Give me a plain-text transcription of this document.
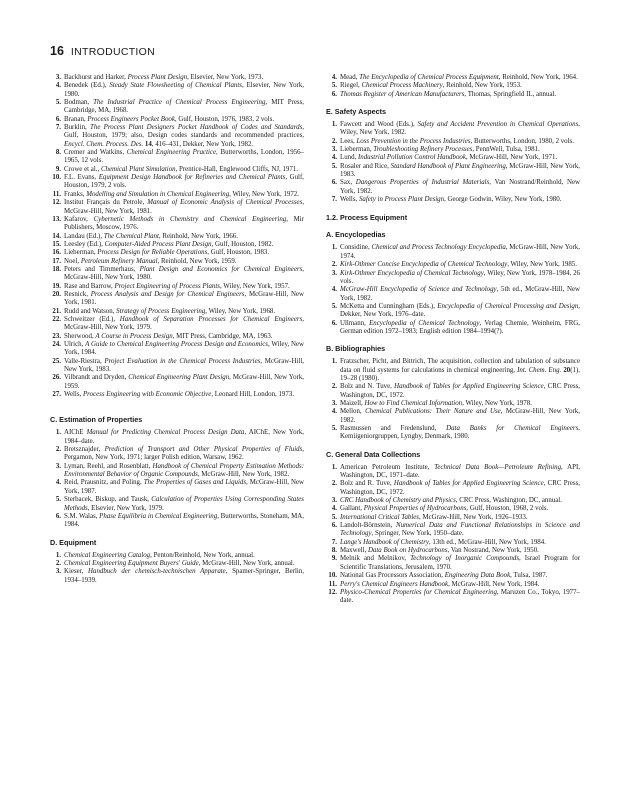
16 INTRODUCTION
3. Backhurst and Harker, Process Plant Design, Elsevier, New York, 1973.
4. Benedek (Ed.), Steady State Flowsheeting of Chemical Plants, Elsevier, New York, 1980.
5. Bodman, The Industrial Practice of Chemical Process Engineering, MIT Press, Cambridge, MA, 1968.
6. Branan, Process Engineers Pocket Book, Gulf, Houston, 1976, 1983, 2 vols.
7. Burklin, The Process Plant Designers Pocket Handbook of Codes and Standards, Gulf, Houston, 1979; also, Design codes standards and recommended practices, Encycl. Chem. Process. Des. 14, 416–431, Dekker, New York, 1982.
8. Cremer and Watkins, Chemical Engineering Practice, Butterworths, London, 1956–1965, 12 vols.
9. Crowe et al., Chemical Plant Simulation, Prentice-Hall, Englewood Cliffs, NJ, 1971.
10. F.L. Evans, Equipment Design Handbook for Refineries and Chemical Plants, Gulf, Houston, 1979, 2 vols.
11. Franks, Modelling and Simulation in Chemical Engineering, Wiley, New York, 1972.
12. Institut Français du Petrole, Manual of Economic Analysis of Chemical Processes, McGraw-Hill, New York, 1981.
13. Kafarov, Cybernetic Methods in Chemistry and Chemical Engineering, Mir Publishers, Moscow, 1976.
14. Landau (Ed.), The Chemical Plant, Reinhold, New York, 1966.
15. Leesley (Ed.), Computer-Aided Process Plant Design, Gulf, Houston, 1982.
16. Lieberman, Process Design for Reliable Operations, Gulf, Houston, 1983.
17. Noel, Petroleum Refinery Manual, Reinhold, New York, 1959.
18. Peters and Timmerhaus, Plant Design and Economics for Chemical Engineers, McGraw-Hill, New York, 1980.
19. Rase and Barrow, Project Engineering of Process Plants, Wiley, New York, 1957.
20. Resnick, Process Analysis and Design for Chemical Engineers, McGraw-Hill, New York, 1981.
21. Rudd and Watson, Strategy of Process Engineering, Wiley, New York, 1968.
22. Schweitzer (Ed.), Handbook of Separation Processes for Chemical Engineers, McGraw-Hill, New York, 1979.
23. Sherwood, A Course in Process Design, MIT Press, Cambridge, MA, 1963.
24. Ulrich, A Guide to Chemical Engineering Process Design and Economics, Wiley, New York, 1984.
25. Valle-Riestra, Project Evaluation in the Chemical Process Industries, McGraw-Hill, New York, 1983.
26. Vilbrandt and Dryden, Chemical Engineering Plant Design, McGraw-Hill, New York, 1959.
27. Wells, Process Engineering with Economic Objective, Leonard Hill, London, 1973.
C. Estimation of Properties
1. AIChE Manual for Predicting Chemical Process Design Data, AIChE, New York, 1984–date.
2. Bretsznajder, Prediction of Transport and Other Physical Properties of Fluids, Pergamon, New York, 1971; larger Polish edition, Warsaw, 1962.
3. Lyman, Reehl, and Rosenblatt, Handbook of Chemical Property Estimation Methods: Environmental Behavior of Organic Compounds, McGraw-Hill, New York, 1982.
4. Reid, Prausnitz, and Poling, The Properties of Gases and Liquids, McGraw-Hill, New York, 1987.
5. Sterbacek, Biskup, and Tausk, Calculation of Properties Using Corresponding States Methods, Elsevier, New York, 1979.
6. S.M. Walas, Phase Equilibria in Chemical Engineering, Butterworths, Stoneham, MA, 1984.
D. Equipment
1. Chemical Engineering Catalog, Penton/Reinhold, New York, annual.
2. Chemical Engineering Equipment Buyers' Guide, McGraw-Hill, New York, annual.
3. Kieser, Handbuch der chemisch-technischen Apparate, Spamer-Springer, Berlin, 1934–1939.
4. Mead, The Encyclopedia of Chemical Process Equipment, Reinhold, New York, 1964.
5. Riegel, Chemical Process Machinery, Reinhold, New York, 1953.
6. Thomas Register of American Manufacturers, Thomas, Springfield IL, annual.
E. Safety Aspects
1. Fawcett and Wood (Eds.), Safety and Accident Prevention in Chemical Operations, Wiley, New York, 1982.
2. Lees, Loss Prevention in the Process Industries, Butterworths, London, 1980, 2 vols.
3. Lieberman, Troubleshooting Refinery Processes, PennWell, Tulsa, 1981.
4. Lund, Industrial Pollution Control Handbook, McGraw-Hill, New York, 1971.
5. Rosaler and Rice, Standard Handbook of Plant Engineering, McGraw-Hill, New York, 1983.
6. Sax, Dangerous Properties of Industrial Materials, Van Nostrand/Reinhold, New York, 1982.
7. Wells, Safety in Process Plant Design, George Godwin, Wiley, New York, 1980.
1.2. Process Equipment
A. Encyclopedias
1. Considine, Chemical and Process Technology Encyclopedia, McGraw-Hill, New York, 1974.
2. Kirk-Othmer Concise Encyclopedia of Chemical Technology, Wiley, New York, 1985.
3. Kirk-Othmer Encyclopedia of Chemical Technology, Wiley, New York, 1978–1984, 26 vols.
4. McGraw-Hill Encyclopedia of Science and Technology, 5th ed., McGraw-Hill, New York, 1982.
5. McKetta and Cunningham (Eds.), Encyclopedia of Chemical Processing and Design, Dekker, New York, 1976–date.
6. Ullmann, Encyclopedia of Chemical Technology, Verlag Chemie, Weinheim, FRG, German edition 1972–1983; English edition 1984–1994(?).
B. Bibliographies
1. Fratzscher, Picht, and Bittrich, The acquisition, collection and tabulation of substance data on fluid systems for calculations in chemical engineering, Int. Chem. Eng. 20(1), 19–28 (1980).
2. Bolz and N. Tuve, Handbook of Tables for Applied Engineering Science, CRC Press, Washington, DC, 1972.
3. Maizell, How to Find Chemical Information, Wiley, New York, 1978.
4. Mellon, Chemical Publications: Their Nature and Use, McGraw-Hill, New York, 1982.
5. Rasmussen and Fredenslund, Data Banks for Chemical Engineers, Kemiigeniorgruppen, Lyngby, Denmark, 1980.
C. General Data Collections
1. American Petroleum Institute, Technical Data Book—Petroleum Refining, API, Washington, DC, 1971–date.
2. Bolz and R. Tuve, Handbook of Tables for Applied Engineering Science, CRC Press, Washington, DC, 1972.
3. CRC Handbook of Chemistry and Physics, CRC Press, Washington, DC, annual.
4. Gallant, Physical Properties of Hydrocarbons, Gulf, Houston, 1968, 2 vols.
5. International Critical Tables, McGraw-Hill, New York, 1926–1933.
6. Landolt-Börnstein, Numerical Data and Functional Relationships in Science and Technology, Springer, New York, 1950–date.
7. Lange's Handbook of Chemistry, 13th ed., McGraw-Hill, New York, 1984.
8. Maxwell, Data Book on Hydrocarbons, Van Nostrand, New York, 1950.
9. Melnik and Melnikov, Technology of Inorganic Compounds, Israel Program for Scientific Translations, Jerusalem, 1970.
10. National Gas Processors Association, Engineering Data Book, Tulsa, 1987.
11. Perry's Chemical Engineers Handbook, McGraw-Hill, New York, 1984.
12. Physico-Chemical Properties for Chemical Engineering, Maruzen Co., Tokyo, 1977–date.
